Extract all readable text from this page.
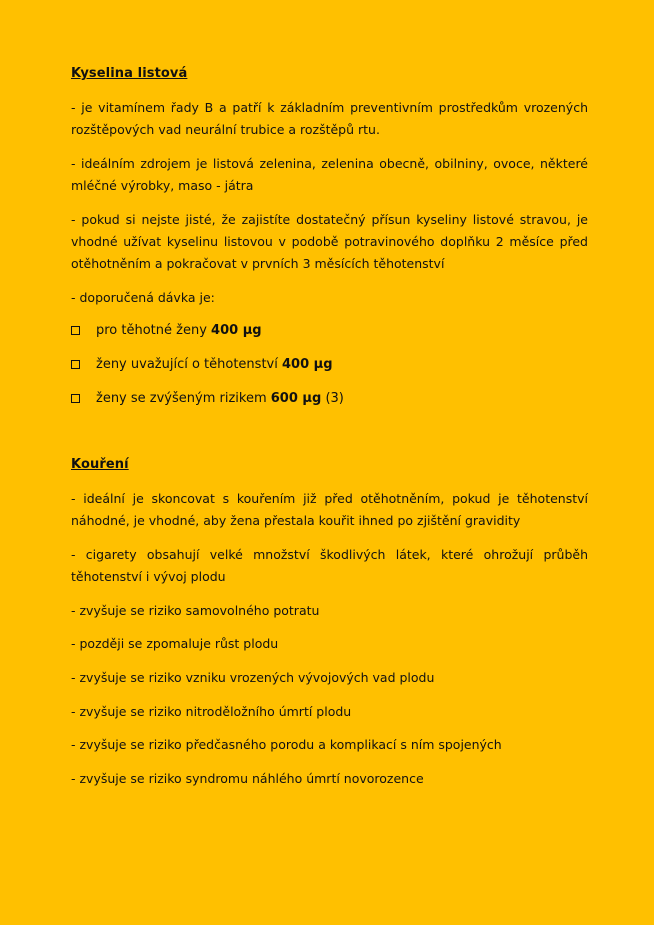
Kyselina listová

- je vitamínem řady B a patří k základním preventivním prostředkům vrozených rozštěpových vad neurální trubice a rozštěpů rtu.

- ideálním zdrojem je listová zelenina, zelenina obecně, obilniny, ovoce, některé mléčné výrobky, maso - játra

- pokud si nejste jisté, že zajistíte dostatečný přísun kyseliny listové stravou, je vhodné užívat kyselinu listovou v podobě potravinového doplňku 2 měsíce před otěhotněním a pokračovat v prvních 3 měsících těhotenství

- doporučená dávka je:

pro těhotné ženy
400 μg
ženy uvažující o těhotenství
400 μg
ženy se zvýšeným rizikem
600 μg
(3)
Kouření

- ideální je skoncovat s kouřením již před otěhotněním, pokud je těhotenství náhodné, je vhodné, aby žena přestala kouřit ihned po zjištění gravidity

- cigarety obsahují velké množství škodlivých látek, které ohrožují průběh těhotenství i vývoj plodu

- zvyšuje se riziko samovolného potratu

- později se zpomaluje růst plodu

- zvyšuje se riziko vzniku vrozených vývojových vad plodu

- zvyšuje se riziko nitroděložního úmrtí plodu

- zvyšuje se riziko předčasného porodu a komplikací s ním spojených

- zvyšuje se riziko syndromu náhlého úmrtí novorozence
